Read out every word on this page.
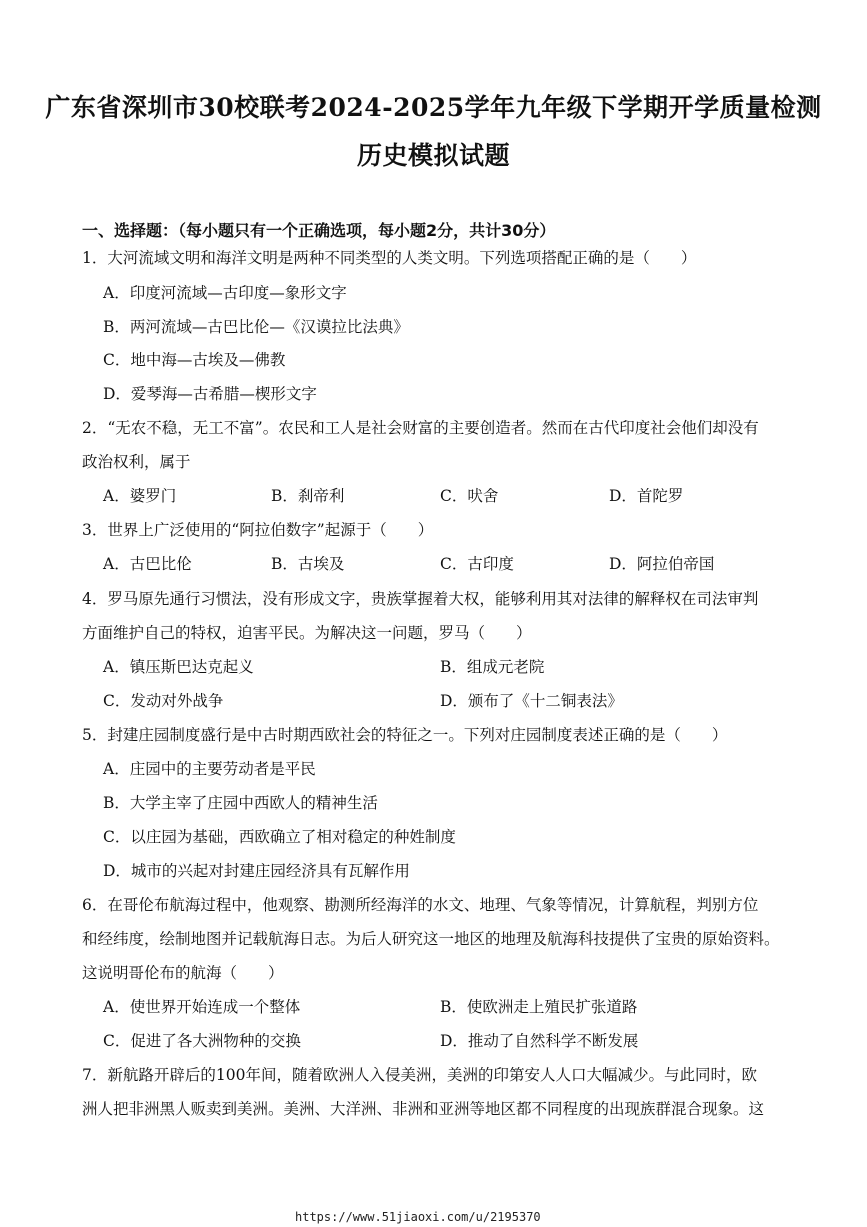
广东省深圳市30校联考2024-2025学年九年级下学期开学质量检测
历史模拟试题
一、选择题：（每小题只有一个正确选项，每小题2分，共计30分）
1．大河流域文明和海洋文明是两种不同类型的人类文明。下列选项搭配正确的是（　　）
A．印度河流域—古印度—象形文字
B．两河流域—古巴比伦—《汉谟拉比法典》
C．地中海—古埃及—佛教
D．爱琴海—古希腊—楔形文字
2．“无农不稳，无工不富”。农民和工人是社会财富的主要创造者。然而在古代印度社会他们却没有
政治权利，属于
A．婆罗门	B．刹帝利	C．吠舍	D．首陀罗
3．世界上广泛使用的“阿拉伯数字”起源于（　　）
A．古巴比伦	B．古埃及	C．古印度	D．阿拉伯帝国
4．罗马原先通行习惯法，没有形成文字，贵族掌握着大权，能够利用其对法律的解释权在司法审判
方面维护自己的特权，迫害平民。为解决这一问题，罗马（　　）
A．镇压斯巴达克起义	B．组成元老院
C．发动对外战争	D．颁布了《十二铜表法》
5．封建庄园制度盛行是中古时期西欧社会的特征之一。下列对庄园制度表述正确的是（　　）
A．庄园中的主要劳动者是平民
B．大学主宰了庄园中西欧人的精神生活
C．以庄园为基础，西欧确立了相对稳定的种姓制度
D．城市的兴起对封建庄园经济具有瓦解作用
6．在哥伦布航海过程中，他观察、勘测所经海洋的水文、地理、气象等情况，计算航程，判别方位
和经纬度，绘制地图并记载航海日志。为后人研究这一地区的地理及航海科技提供了宝贵的原始资料。
这说明哥伦布的航海（　　）
A．使世界开始连成一个整体	B．使欧洲走上殖民扩张道路
C．促进了各大洲物种的交换	D．推动了自然科学不断发展
7．新航路开辟后的100年间，随着欧洲人入侵美洲，美洲的印第安人人口大幅减少。与此同时，欧
洲人把非洲黑人贩卖到美洲。美洲、大洋洲、非洲和亚洲等地区都不同程度的出现族群混合现象。这
https://www.51jiaoxi.com/u/2195370
